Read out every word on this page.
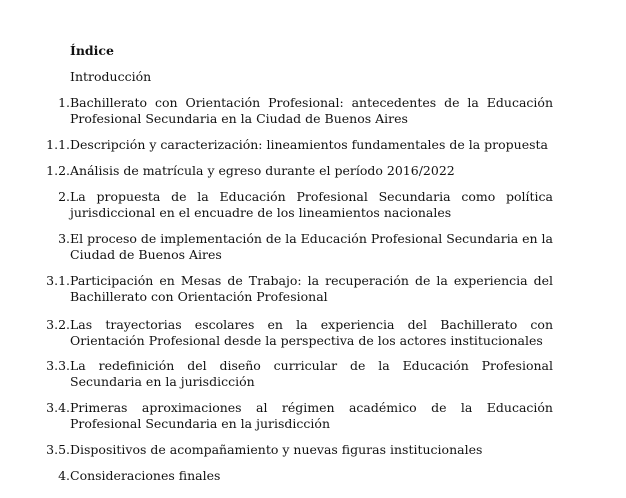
Índice
Introducción
1. Bachillerato con Orientación Profesional: antecedentes de la Educación Profesional Secundaria en la Ciudad de Buenos Aires
1.1. Descripción y caracterización: lineamientos fundamentales de la propuesta
1.2. Análisis de matrícula y egreso durante el período 2016/2022
2. La propuesta de la Educación Profesional Secundaria como política jurisdiccional en el encuadre de los lineamientos nacionales
3. El proceso de implementación de la Educación Profesional Secundaria en la Ciudad de Buenos Aires
3.1. Participación en Mesas de Trabajo: la recuperación de la experiencia del Bachillerato con Orientación Profesional
3.2. Las trayectorias escolares en la experiencia del Bachillerato con Orientación Profesional desde la perspectiva de los actores institucionales
3.3. La redefinición del diseño curricular de la Educación Profesional Secundaria en la jurisdicción
3.4. Primeras aproximaciones al régimen académico de la Educación Profesional Secundaria en la jurisdicción
3.5. Dispositivos de acompañamiento y nuevas figuras institucionales
4. Consideraciones finales
